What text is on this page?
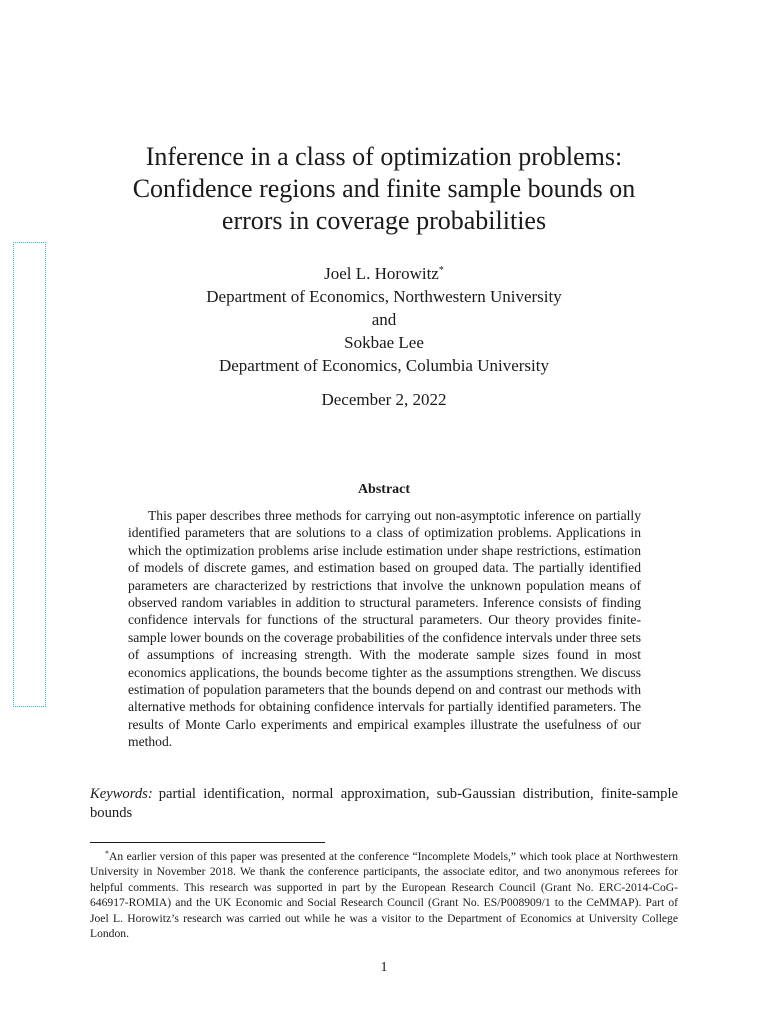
Inference in a class of optimization problems:
Confidence regions and finite sample bounds on
errors in coverage probabilities
Joel L. Horowitz*
Department of Economics, Northwestern University
and
Sokbae Lee
Department of Economics, Columbia University
December 2, 2022
Abstract

This paper describes three methods for carrying out non-asymptotic inference on partially identified parameters that are solutions to a class of optimization problems. Applications in which the optimization problems arise include estimation under shape restrictions, estimation of models of discrete games, and estimation based on grouped data. The partially identified parameters are characterized by restrictions that involve the unknown population means of observed random variables in addition to structural parameters. Inference consists of finding confidence intervals for functions of the structural parameters. Our theory provides finite-sample lower bounds on the coverage probabilities of the confidence intervals under three sets of assumptions of increasing strength. With the moderate sample sizes found in most economics applications, the bounds become tighter as the assumptions strengthen. We discuss estimation of population parameters that the bounds depend on and contrast our methods with alternative methods for obtaining confidence intervals for partially identified parameters. The results of Monte Carlo experiments and empirical examples illustrate the usefulness of our method.

Keywords: partial identification, normal approximation, sub-Gaussian distribution, finite-sample bounds

*An earlier version of this paper was presented at the conference “Incomplete Models,” which took place at Northwestern University in November 2018. We thank the conference participants, the associate editor, and two anonymous referees for helpful comments. This research was supported in part by the European Research Council (Grant No. ERC-2014-CoG-646917-ROMIA) and the UK Economic and Social Research Council (Grant No. ES/P008909/1 to the CeMMAP). Part of Joel L. Horowitz’s research was carried out while he was a visitor to the Department of Economics at University College London.

1
